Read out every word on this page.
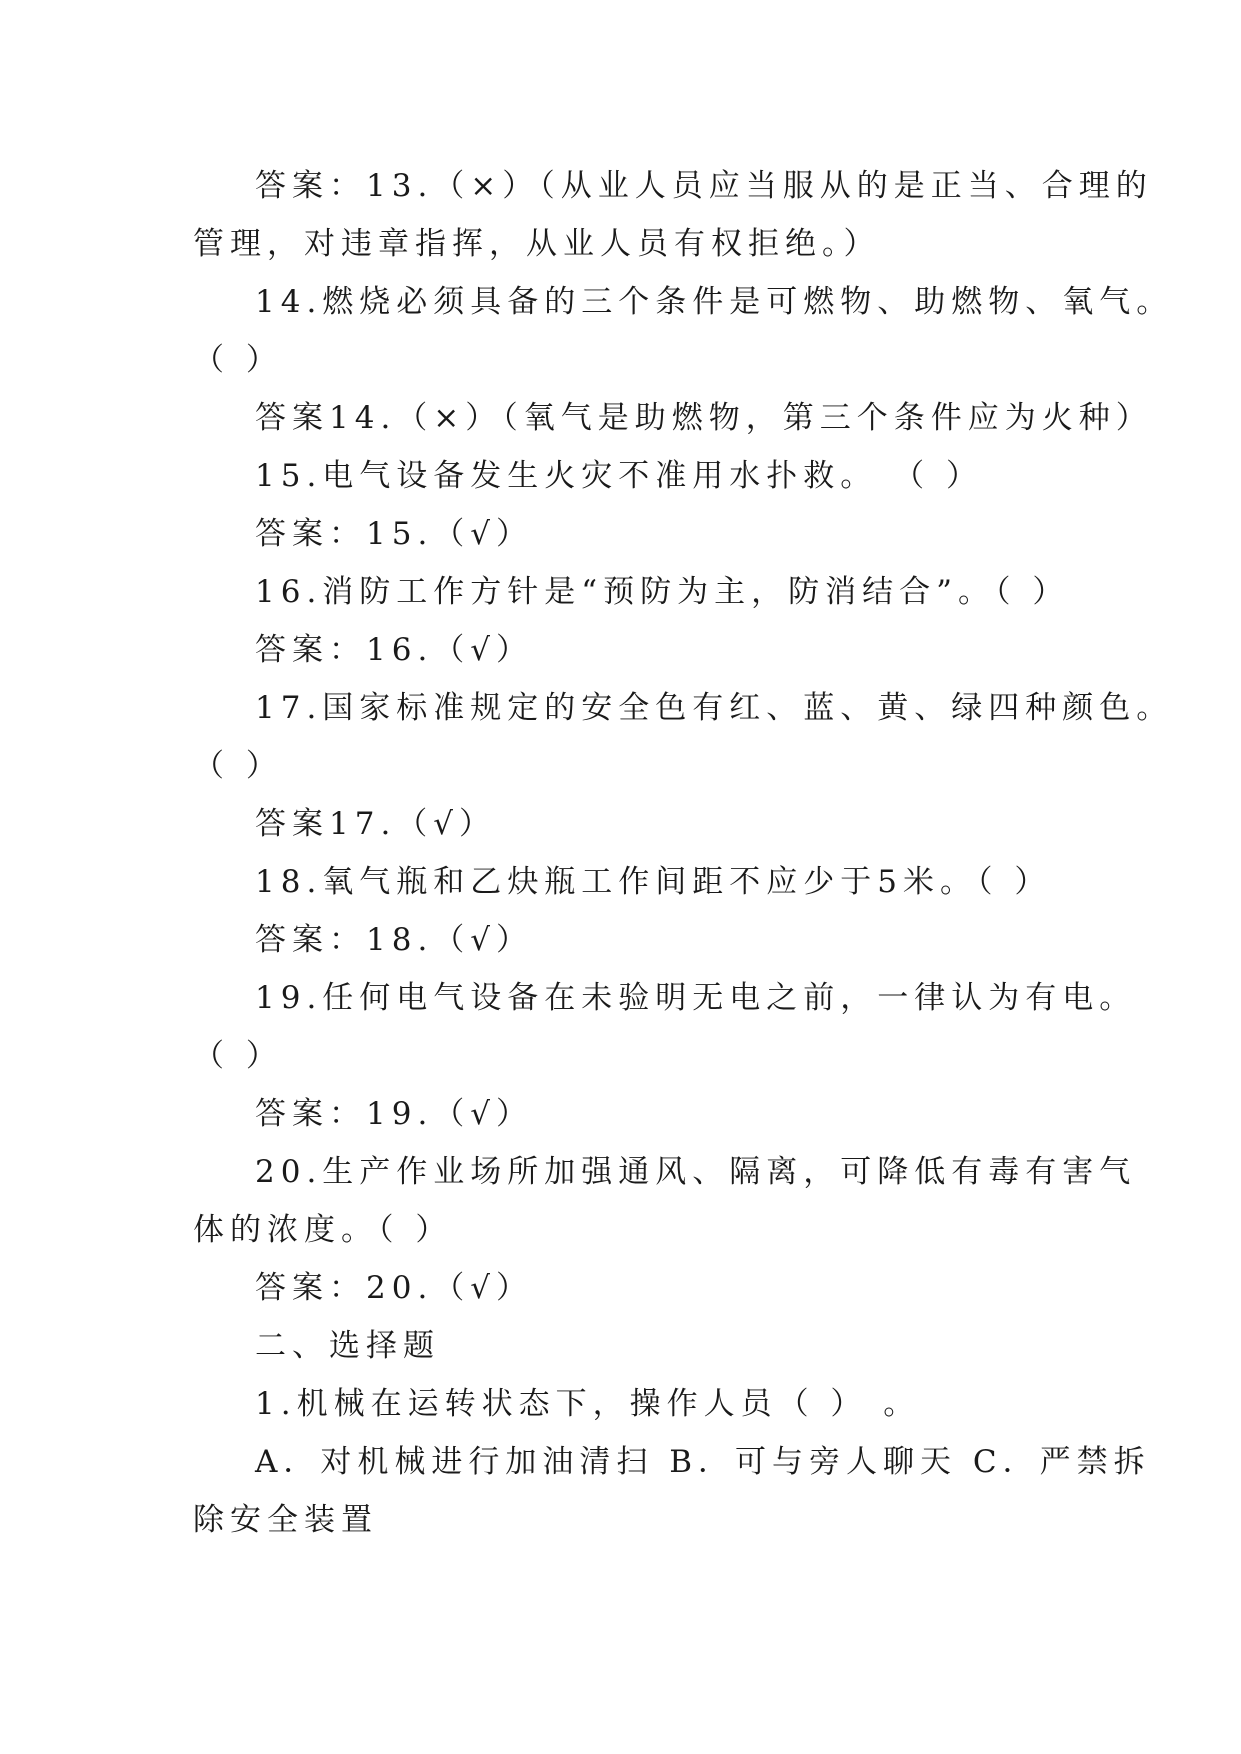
答案：13.（×）（从业人员应当服从的是正当、合理的
管理，对违章指挥，从业人员有权拒绝。）
14.燃烧必须具备的三个条件是可燃物、助燃物、氧气。
（ ）
答案14.（×）（氧气是助燃物，第三个条件应为火种）
15.电气设备发生火灾不准用水扑救。 （ ）
答案：15.（√）
16.消防工作方针是“预防为主，防消结合”。（ ）
答案：16.（√）
17.国家标准规定的安全色有红、蓝、黄、绿四种颜色。
（ ）
答案17.（√）
18.氧气瓶和乙炔瓶工作间距不应少于5米。（ ）
答案：18.（√）
19.任何电气设备在未验明无电之前，一律认为有电。
（ ）
答案：19.（√）
20.生产作业场所加强通风、隔离，可降低有毒有害气
体的浓度。（ ）
答案：20.（√）
二、选择题
1.机械在运转状态下，操作人员（ ） 。
A．对机械进行加油清扫 B．可与旁人聊天 C．严禁拆
除安全装置
